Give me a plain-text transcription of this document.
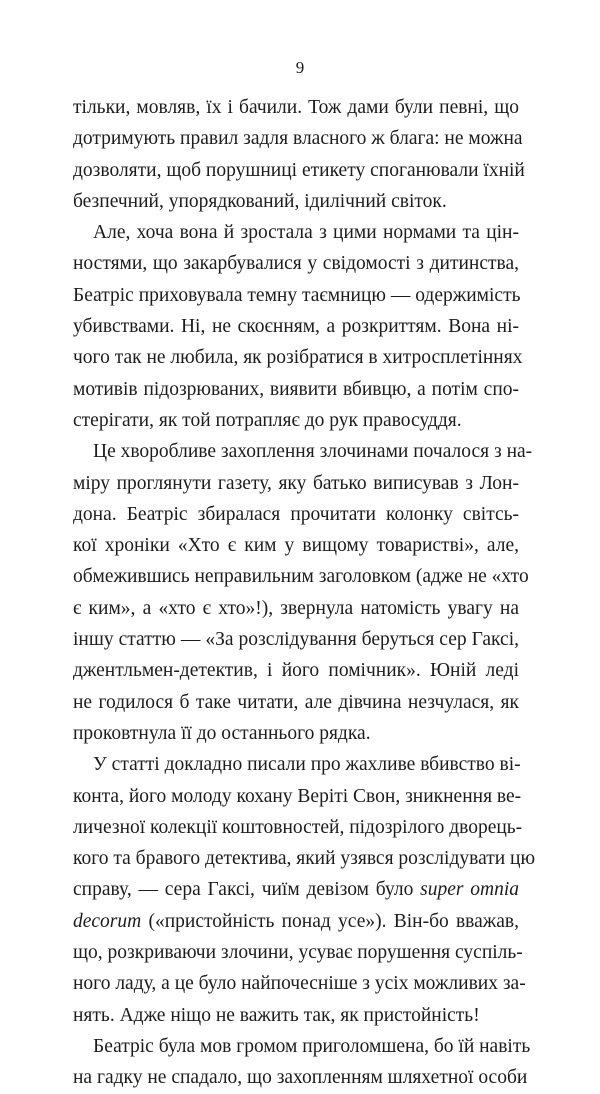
9
тільки, мовляв, їх і бачили. Тож дами були певні, що
дотримують правил задля власного ж блага: не можна
дозволяти, щоб порушниці етикету споганювали їхній
безпечний, упорядкований, ідилічний світок.
Але, хоча вона й зростала з цими нормами та цін-
ностями, що закарбувалися у свідомості з дитинства,
Беатріс приховувала темну таємницю — одержимість
убивствами. Ні, не скоєнням, а розкриттям. Вона ні-
чого так не любила, як розібратися в хитросплетіннях
мотивів підозрюваних, виявити вбивцю, а потім спо-
стерігати, як той потрапляє до рук правосуддя.
Це хворобливе захоплення злочинами почалося з на-
міру проглянути газету, яку батько виписував з Лон-
дона. Беатріс збиралася прочитати колонку світсь-
кої хроніки «Хто є ким у вищому товаристві», але,
обмежившись неправильним заголовком (адже не «хто
є ким», а «хто є хто»!), звернула натомість увагу на
іншу статтю — «За розслідування беруться сер Гаксі,
джентльмен-детектив, і його помічник». Юній леді
не годилося б таке читати, але дівчина незчулася, як
проковтнула її до останнього рядка.
У статті докладно писали про жахливе вбивство ві-
конта, його молоду кохану Веріті Свон, зникнення ве-
личезної колекції коштовностей, підозрілого дворець-
кого та бравого детектива, який узявся розслідувати цю
справу, — сера Гаксі, чиїм девізом було super omnia
decorum («пристойність понад усе»). Він-бо вважав,
що, розкриваючи злочини, усуває порушення суспіль-
ного ладу, а це було найпочесніше з усіх можливих за-
нять. Адже ніщо не важить так, як пристойність!
Беатріс була мов громом приголомшена, бо їй навіть
на гадку не спадало, що захопленням шляхетної особи
